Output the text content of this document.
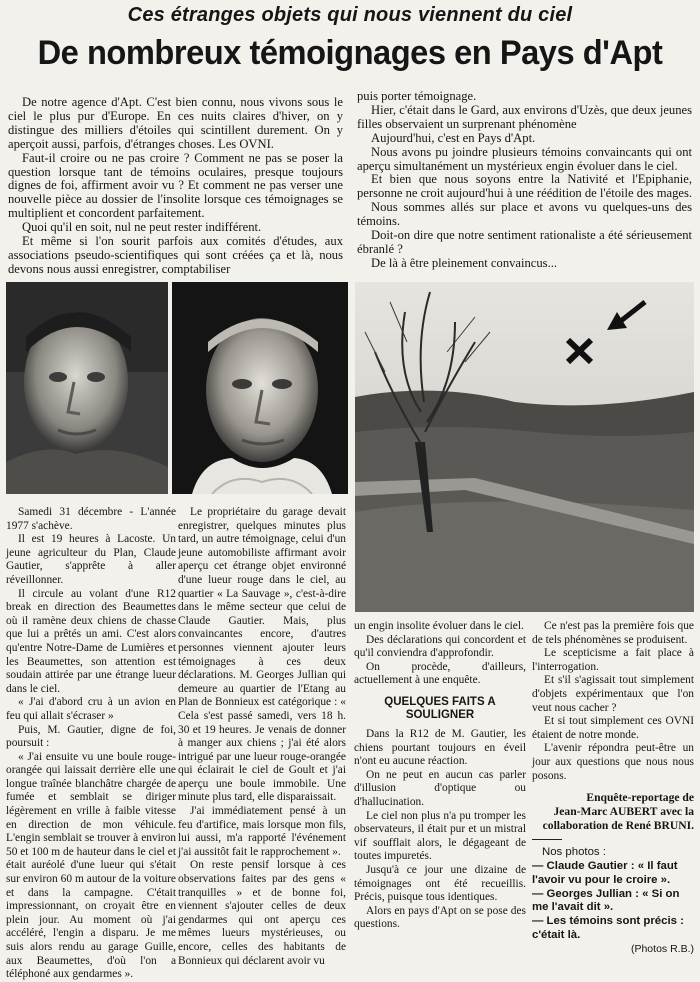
Ces étranges objets qui nous viennent du ciel
De nombreux témoignages en Pays d'Apt

De notre agence d'Apt. C'est bien connu, nous vivons sous le ciel le plus pur d'Europe. En ces nuits claires d'hiver, on y distingue des milliers d'étoiles qui scintillent durement. On y aperçoit aussi, parfois, d'étranges choses. Les OVNI.

Faut-il croire ou ne pas croire ? Comment ne pas se poser la question lorsque tant de témoins oculaires, presque toujours dignes de foi, affirment avoir vu ? Et comment ne pas verser une nouvelle pièce au dossier de l'insolite lorsque ces témoignages se multiplient et concordent parfaitement.

Quoi qu'il en soit, nul ne peut rester indifférent.

Et même si l'on sourit parfois aux comités d'études, aux associations pseudo-scientifiques qui sont créées ça et là, nous devons nous aussi enregistrer, comptabiliser

puis porter témoignage.

Hier, c'était dans le Gard, aux environs d'Uzès, que deux jeunes filles observaient un surprenant phénomène

Aujourd'hui, c'est en Pays d'Apt.

Nous avons pu joindre plusieurs témoins convaincants qui ont aperçu simultanément un mystérieux engin évoluer dans le ciel.

Et bien que nous soyons entre la Nativité et l'Epiphanie, personne ne croit aujourd'hui à une réédition de l'étoile des mages.

Nous sommes allés sur place et avons vu quelques-uns des témoins.

Doit-on dire que notre sentiment rationaliste a été sérieusement ébranlé ?

De là à être pleinement convaincus...

Samedi 31 décembre - L'année 1977 s'achève.

Il est 19 heures à Lacoste. Un jeune agriculteur du Plan, Claude Gautier, s'apprête à aller réveillonner.

Il circule au volant d'une R12 break en direction des Beaumettes où il ramène deux chiens de chasse que lui a prêtés un ami. C'est alors qu'entre Notre-Dame de Lumières et les Beaumettes, son attention est soudain attirée par une étrange lueur dans le ciel.

« J'ai d'abord cru à un avion en feu qui allait s'écraser »

Puis, M. Gautier, digne de foi, poursuit :

« J'ai ensuite vu une boule rouge-orangée qui laissait derrière elle une longue traînée blanchâtre chargée de fumée et semblait se diriger légèrement en vrille à faible vitesse en direction de mon véhicule. L'engin semblait se trouver à environ 50 et 100 m de hauteur dans le ciel et était auréolé d'une lueur qui s'était sur environ 60 m autour de la voiture et dans la campagne. C'était impressionnant, on croyait être en plein jour. Au moment où j'ai accéléré, l'engin a disparu. Je me suis alors rendu au garage Guille, aux Beaumettes, d'où l'on a téléphoné aux gendarmes ».

Le propriétaire du garage devait enregistrer, quelques minutes plus tard, un autre témoignage, celui d'un jeune automobiliste affirmant avoir aperçu cet étrange objet environné d'une lueur rouge dans le ciel, au quartier « La Sauvage », c'est-à-dire dans le même secteur que celui de Claude Gautier. Mais, plus convaincantes encore, d'autres personnes viennent ajouter leurs témoignages à ces deux déclarations. M. Georges Jullian qui demeure au quartier de l'Etang au Plan de Bonnieux est catégorique : « Cela s'est passé samedi, vers 18 h. 30 et 19 heures. Je venais de donner à manger aux chiens ; j'ai été alors intrigué par une lueur rouge-orangée qui éclairait le ciel de Goult et j'ai aperçu une boule immobile. Une minute plus tard, elle disparaissait.

J'ai immédiatement pensé à un feu d'artifice, mais lorsque mon fils, lui aussi, m'a rapporté l'événement j'ai aussitôt fait le rapprochement ».

On reste pensif lorsque à ces observations faites par des gens « tranquilles » et de bonne foi, viennent s'ajouter celles de deux gendarmes qui ont aperçu ces mêmes lueurs mystérieuses, ou encore, celles des habitants de Bonnieux qui déclarent avoir vu

un engin insolite évoluer dans le ciel.

Des déclarations qui concordent et qu'il conviendra d'approfondir.

On procède, d'ailleurs, actuellement à une enquête.

QUELQUES FAITS A
SOULIGNER

Dans la R12 de M. Gautier, les chiens pourtant toujours en éveil n'ont eu aucune réaction.

On ne peut en aucun cas parler d'illusion d'optique ou d'hallucination.

Le ciel non plus n'a pu tromper les observateurs, il était pur et un mistral vif soufflait alors, le dégageant de toutes impuretés.

Jusqu'à ce jour une dizaine de témoignages ont été recueillis. Précis, puisque tous identiques.

Alors en pays d'Apt on se pose des questions.

Ce n'est pas la première fois que de tels phénomènes se produisent.

Le scepticisme a fait place à l'interrogation.

Et s'il s'agissait tout simplement d'objets expérimentaux que l'on veut nous cacher ?

Et si tout simplement ces OVNI étaient de notre monde.

L'avenir répondra peut-être un jour aux questions que nous nous posons.

Enquête-reportage de
Jean-Marc AUBERT avec la
collaboration de René BRUNI.
Nos photos :
— Claude Gautier : « Il faut l'avoir vu pour le croire ».
— Georges Jullian : « Si on me l'avait dit ».
— Les témoins sont précis : c'était là.
(Photos R.B.)
